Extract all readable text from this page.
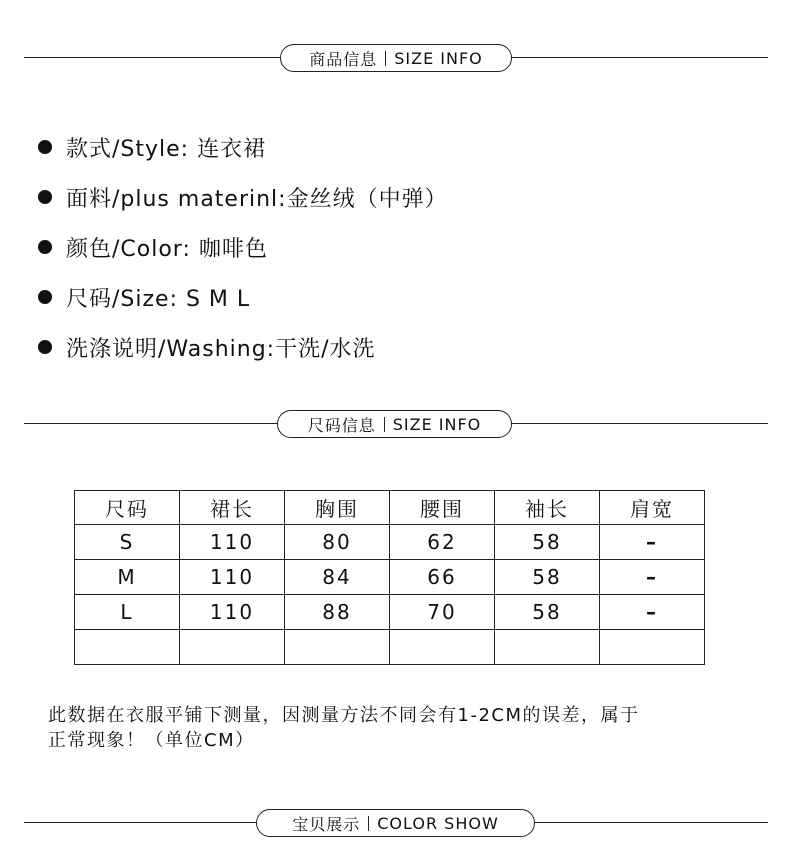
商品信息 SIZE INFO
款式/Style: 连衣裙
面料/plus materinl:金丝绒（中弹）
颜色/Color: 咖啡色
尺码/Size: S M L
洗涤说明/Washing:干洗/水洗
尺码信息 SIZE INFO
尺码	裙长	胸围	腰围	袖长	肩宽
S	110	80	62	58	–
M	110	84	66	58	–
L	110	88	70	58	–

此数据在衣服平铺下测量，因测量方法不同会有1-2CM的误差，属于
正常现象！（单位CM）
宝贝展示 COLOR SHOW
